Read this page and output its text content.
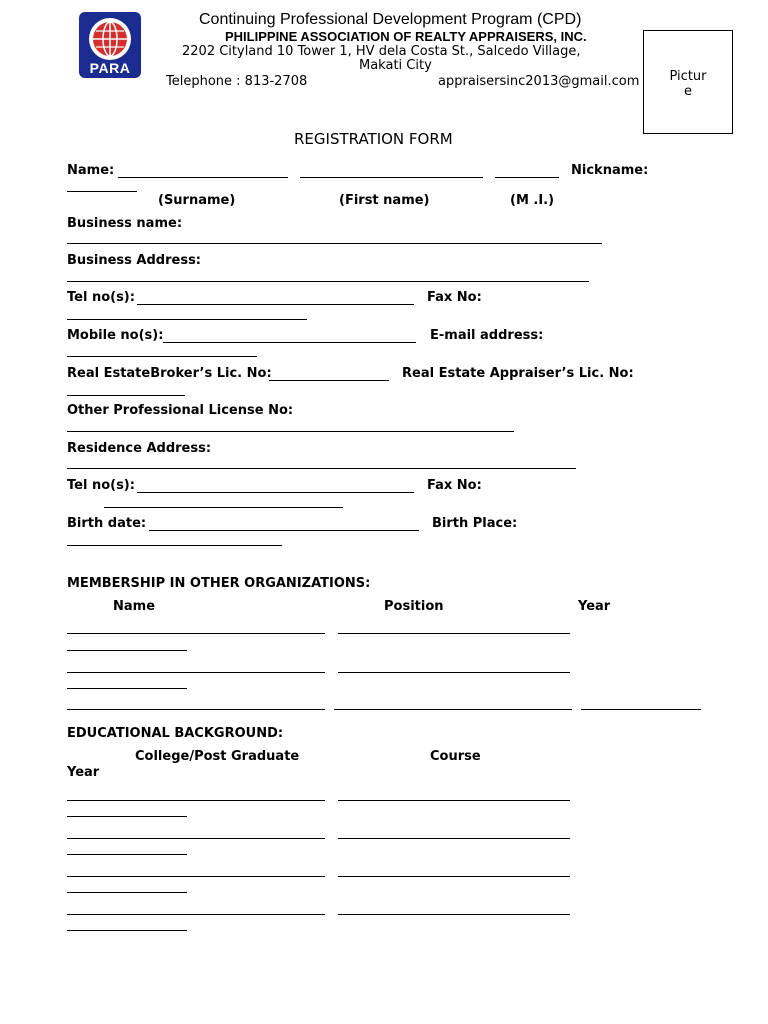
PARA
Continuing Professional Development Program (CPD)
PHILIPPINE ASSOCIATION OF REALTY APPRAISERS, INC.
2202 Cityland 10 Tower 1, HV dela Costa St., Salcedo Village,
Makati City
Telephone : 813-2708	appraisersinc2013@gmail.com	Pictur
e
REGISTRATION FORM
Name:	Nickname:
(Surname)	(First name)	(M .I.)
Business name:
Business Address:
Tel no(s):	Fax No:
Mobile no(s):	E-mail address:
Real EstateBroker’s Lic. No:	Real Estate Appraiser’s Lic. No:
Other Professional License No:
Residence Address:
Tel no(s):	Fax No:
Birth date:	Birth Place:
MEMBERSHIP IN OTHER ORGANIZATIONS:
Name	Position	Year
EDUCATIONAL BACKGROUND:
College/Post Graduate	Course
Year
